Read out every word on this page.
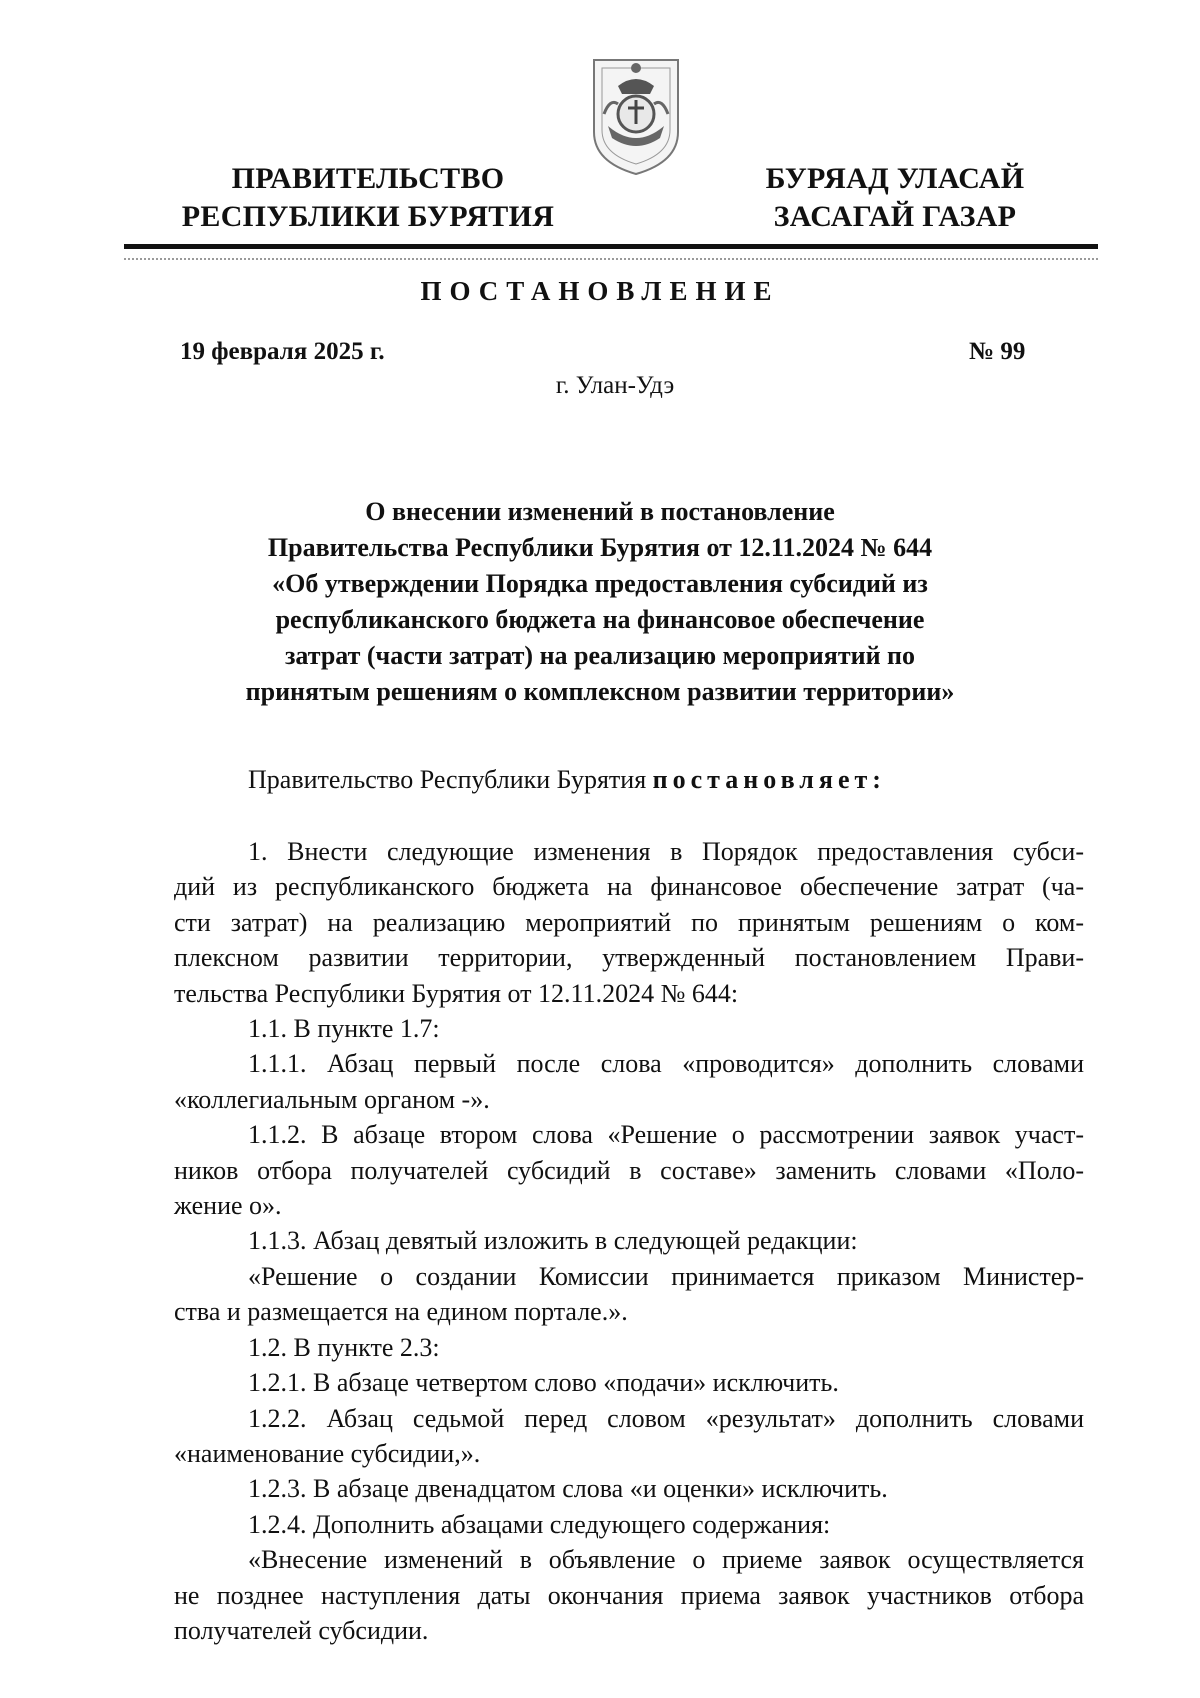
ПРАВИТЕЛЬСТВО
РЕСПУБЛИКИ БУРЯТИЯ
БУРЯАД УЛАСАЙ
ЗАСАГАЙ ГАЗАР
ПОСТАНОВЛЕНИЕ
19 февраля 2025 г.	№ 99
г. Улан-Удэ
О внесении изменений в постановление
Правительства Республики Бурятия от 12.11.2024 № 644
«Об утверждении Порядка предоставления субсидий из
республиканского бюджета на финансовое обеспечение
затрат (части затрат) на реализацию мероприятий по
принятым решениям о комплексном развитии территории»
Правительство Республики Бурятия постановляет:

1. Внести следующие изменения в Порядок предоставления субси-

дий из республиканского бюджета на финансовое обеспечение затрат (ча-

сти затрат) на реализацию мероприятий по принятым решениям о ком-

плексном развитии территории, утвержденный постановлением Прави-

тельства Республики Бурятия от 12.11.2024 № 644:

1.1. В пункте 1.7:

1.1.1. Абзац первый после слова «проводится» дополнить словами

«коллегиальным органом -».

1.1.2. В абзаце втором слова «Решение о рассмотрении заявок участ-

ников отбора получателей субсидий в составе» заменить словами «Поло-

жение о».

1.1.3. Абзац девятый изложить в следующей редакции:

«Решение о создании Комиссии принимается приказом Министер-

ства и размещается на едином портале.».

1.2. В пункте 2.3:

1.2.1. В абзаце четвертом слово «подачи» исключить.

1.2.2. Абзац седьмой перед словом «результат» дополнить словами

«наименование субсидии,».

1.2.3. В абзаце двенадцатом слова «и оценки» исключить.

1.2.4. Дополнить абзацами следующего содержания:

«Внесение изменений в объявление о приеме заявок осуществляется

не позднее наступления даты окончания приема заявок участников отбора

получателей субсидии.
